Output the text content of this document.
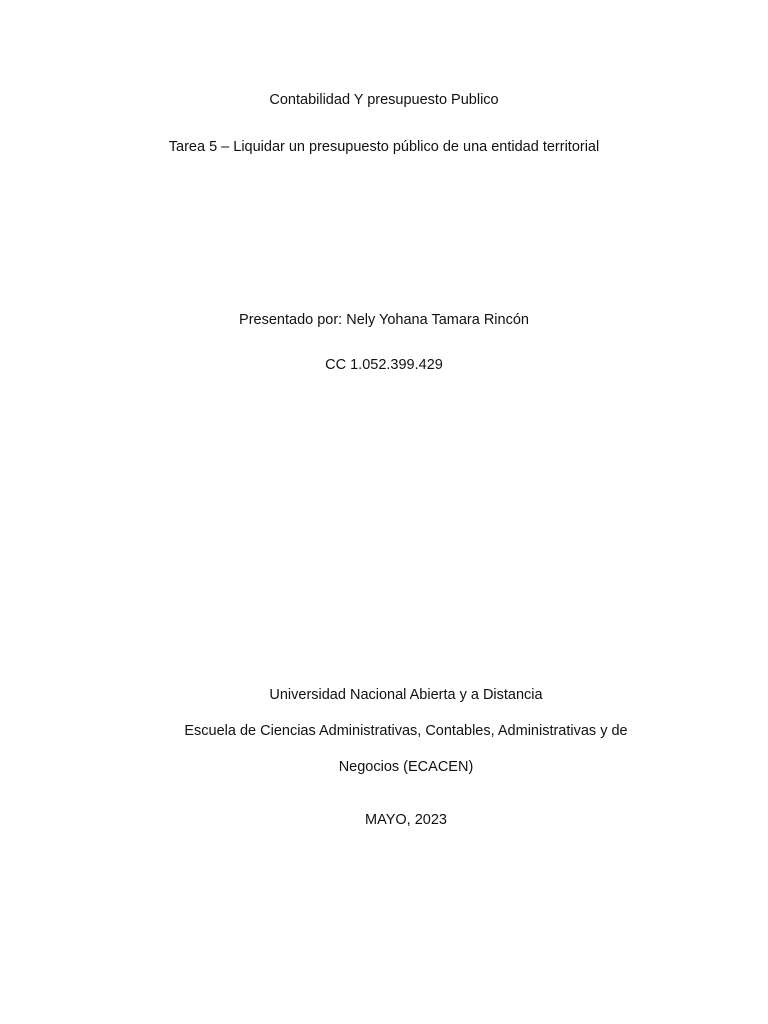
Contabilidad Y presupuesto Publico
Tarea 5 – Liquidar un presupuesto público de una entidad territorial
Presentado por: Nely Yohana Tamara Rincón
CC 1.052.399.429
Universidad Nacional Abierta y a Distancia
Escuela de Ciencias Administrativas, Contables, Administrativas y de
Negocios (ECACEN)
MAYO, 2023
